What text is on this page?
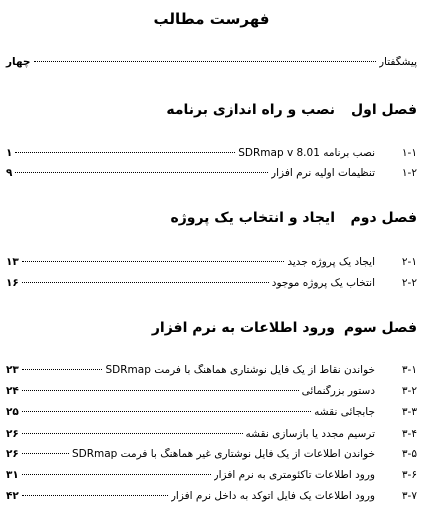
فهرست مطالب
پیشگفتار
چهار
فصل اول
نصب و راه اندازی برنامه
۱-۱
نصب برنامه SDRmap v 8.01
۱
۱-۲
تنظیمات اولیه نرم افزار
۹
فصل دوم
ایجاد و انتخاب یک پروژه
۲-۱
ایجاد یک پروژه جدید
۱۳
۲-۲
انتخاب یک پروژه موجود
۱۶
فصل سوم
ورود اطلاعات به نرم افزار
۳-۱
خواندن نقاط از یک فایل نوشتاری هماهنگ با فرمت SDRmap
۲۳
۳-۲
دستور بزرگنمائی
۲۴
۳-۳
جابجائی نقشه
۲۵
۳-۴
ترسیم مجدد یا بازسازی نقشه
۲۶
۳-۵
خواندن اطلاعات از یک فایل نوشتاری غیر هماهنگ با فرمت SDRmap
۲۶
۳-۶
ورود اطلاعات تاکئومتری به نرم افزار
۳۱
۳-۷
ورود اطلاعات یک فایل اتوکد به داخل نرم افزار
۴۲
